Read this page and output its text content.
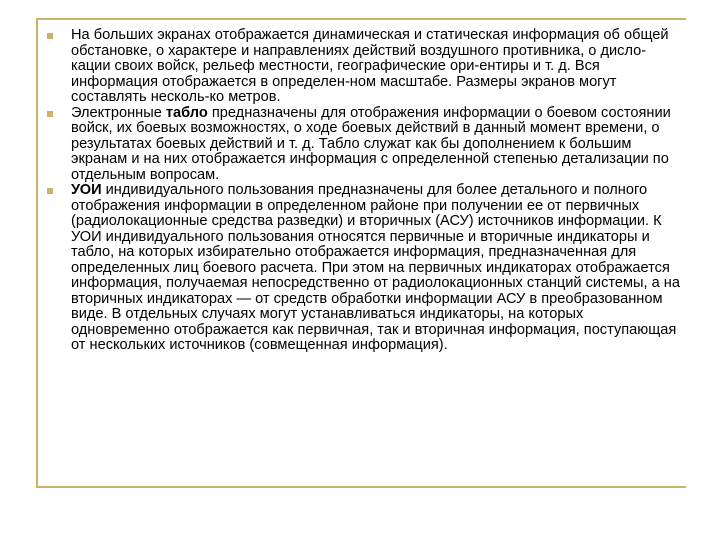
На больших экранах отображается динамическая и статическая информация об общей обстановке, о характере и направлениях действий воздушного противника, о дисло-кации своих войск, рельеф местности, географические ори-ентиры и т. д. Вся информация отображается в определен-ном масштабе. Размеры экранов могут составлять несколь-ко метров.
Электронные табло предназначены для отображения информации о боевом состоянии войск, их боевых возможностях, о ходе боевых действий в данный момент времени, о результатах боевых действий и т. д. Табло служат как бы дополнением к большим экранам и на них отображается информация с определенной степенью детализации по отдельным вопросам.
УОИ индивидуального пользования предназначены для более детального и полного отображения информации в определенном районе при получении ее от первичных (радиолокационные средства разведки) и вторичных (АСУ) источников информации. К УОИ индивидуального пользования относятся первичные и вторичные индикаторы и табло, на которых избирательно отображается информация, предназначенная для определенных лиц боевого расчета. При этом на первичных индикаторах отображается информация, получаемая непосредственно от радиолокационных станций системы, а на вторичных индикаторах — от средств обработки информации АСУ в преобразованном виде. В отдельных случаях могут устанавливаться индикаторы, на которых одновременно отображается как первичная, так и вторичная информация, поступающая от нескольких источников (совмещенная информация).
